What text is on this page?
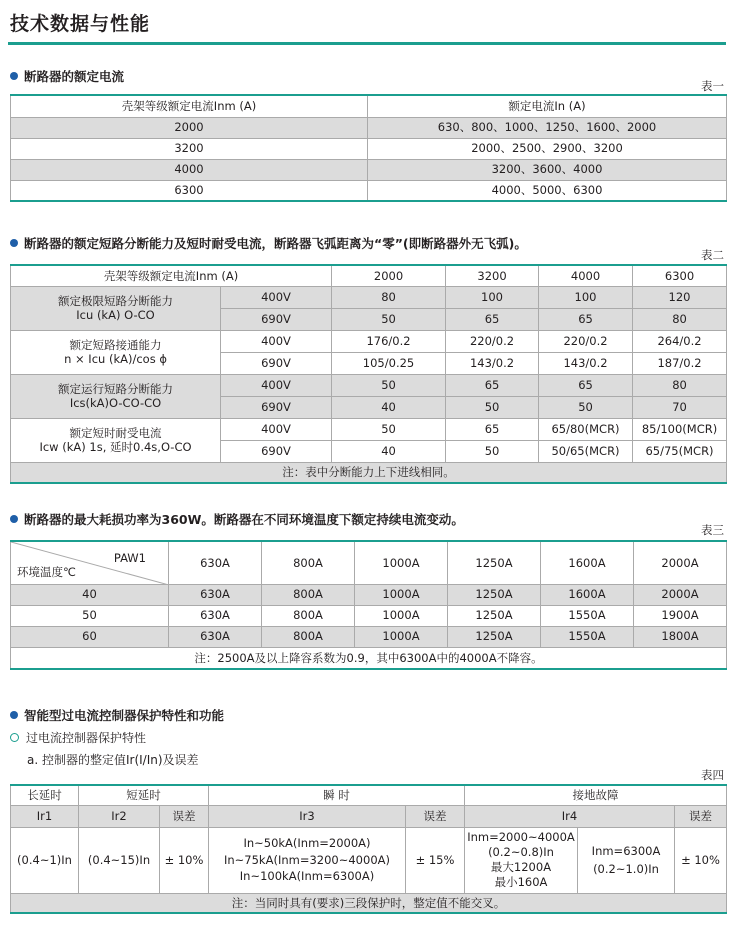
技术数据与性能
断路器的额定电流
表一
壳架等级额定电流Inm (A)	额定电流In (A)
2000	630、800、1000、1250、1600、2000
3200	2000、2500、2900、3200
4000	3200、3600、4000
6300	4000、5000、6300
断路器的额定短路分断能力及短时耐受电流，断路器飞弧距离为“零”(即断路器外无飞弧)。
表二
壳架等级额定电流Inm (A)		2000	3200	4000	6300
额定极限短路分断能力
Icu (kA) O-CO	400V	80	100	100	120
	690V	50	65	65	80
额定短路接通能力
n × Icu (kA)/cos ϕ	400V	176/0.2	220/0.2	220/0.2	264/0.2
	690V	105/0.25	143/0.2	143/0.2	187/0.2
额定运行短路分断能力
Ics(kA)O-CO-CO	400V	50	65	65	80
	690V	40	50	50	70
额定短时耐受电流
Icw (kA) 1s, 延时0.4s,O-CO	400V	50	65	65/80(MCR)	85/100(MCR)
	690V	40	50	50/65(MCR)	65/75(MCR)
注：表中分断能力上下进线相同。					
断路器的最大耗损功率为360W。断路器在不同环境温度下额定持续电流变动。
表三
PAW1
环境温度℃	630A	800A	1000A	1250A	1600A	2000A
40	630A	800A	1000A	1250A	1600A	2000A
50	630A	800A	1000A	1250A	1550A	1900A
60	630A	800A	1000A	1250A	1550A	1800A
注：2500A及以上降容系数为0.9，其中6300A中的4000A不降容。						
智能型过电流控制器保护特性和功能
过电流控制器保护特性
a. 控制器的整定值Ir(I/In)及误差
表四
长延时	短延时		瞬 时		接地故障		
Ir1	Ir2	误差	Ir3	误差	Ir4		误差
(0.4~1)In	(0.4~15)In	± 10%	In~50kA(Inm=2000A)
In~75kA(Inm=3200~4000A)
In~100kA(Inm=6300A)	± 15%	Inm=2000~4000A
(0.2~0.8)In
最大1200A
最小160A	Inm=6300A
(0.2~1.0)In	± 10%
注：当同时具有(要求)三段保护时，整定值不能交叉。							
